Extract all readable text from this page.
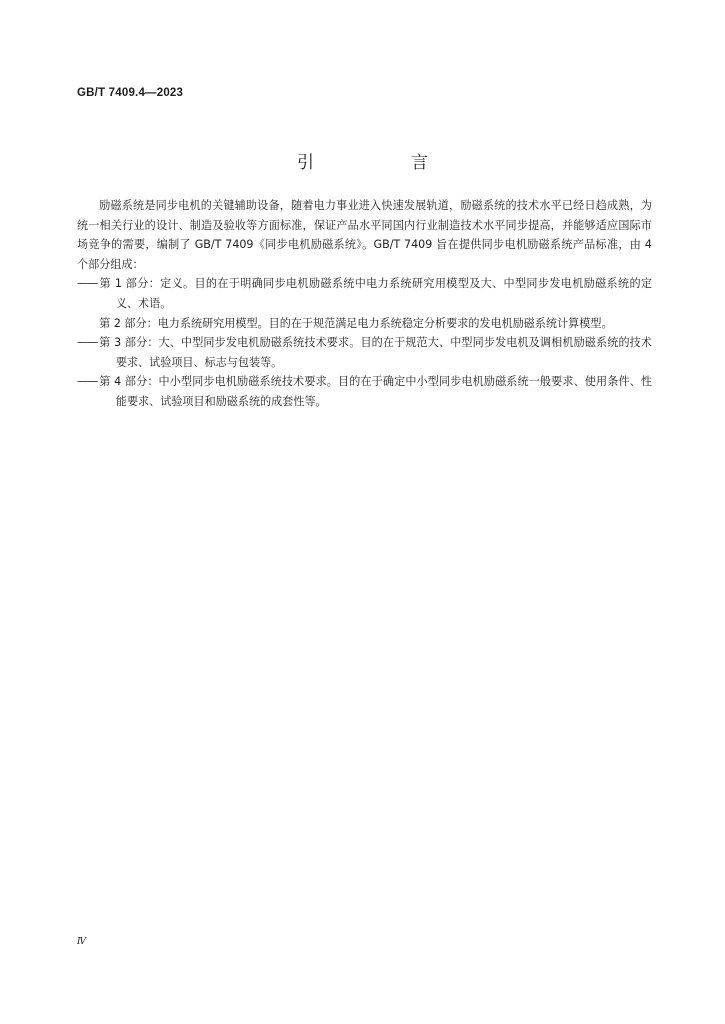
GB/T 7409.4—2023
引　言

励磁系统是同步电机的关键辅助设备，随着电力事业进入快速发展轨道，励磁系统的技术水平已经日趋成熟，为统一相关行业的设计、制造及验收等方面标准，保证产品水平同国内行业制造技术水平同步提高，并能够适应国际市场竞争的需要，编制了 GB/T 7409《同步电机励磁系统》。GB/T 7409 旨在提供同步电机励磁系统产品标准，由 4 个部分组成：

—— 第 1 部分：定义。目的在于明确同步电机励磁系统中电力系统研究用模型及大、中型同步发电机励磁系统的定义、术语。

第 2 部分：电力系统研究用模型。目的在于规范满足电力系统稳定分析要求的发电机励磁系统计算模型。

—— 第 3 部分：大、中型同步发电机励磁系统技术要求。目的在于规范大、中型同步发电机及调相机励磁系统的技术要求、试验项目、标志与包装等。

—— 第 4 部分：中小型同步电机励磁系统技术要求。目的在于确定中小型同步电机励磁系统一般要求、使用条件、性能要求、试验项目和励磁系统的成套性等。

Ⅳ
